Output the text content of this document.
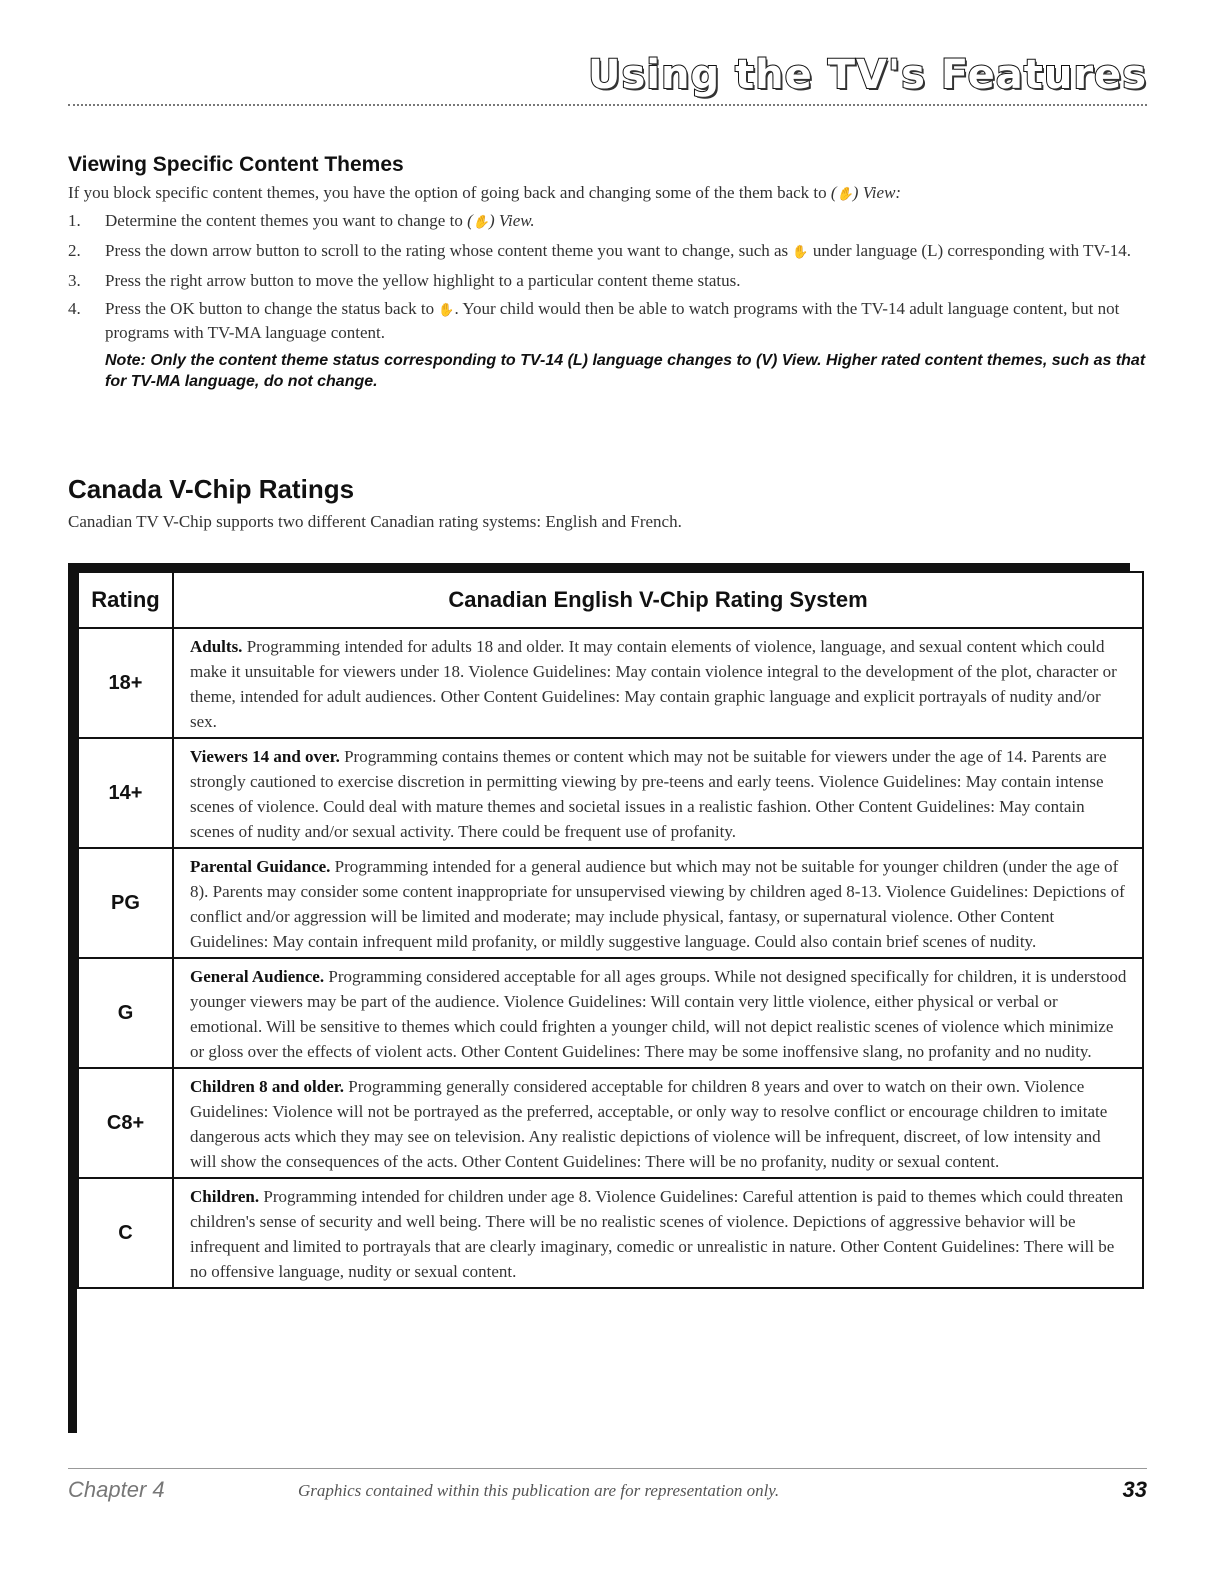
Using the TV's Features
Viewing Specific Content Themes

If you block specific content themes, you have the option of going back and changing some of the them back to (✋) View:

1. Determine the content themes you want to change to (✋) View.
2. Press the down arrow button to scroll to the rating whose content theme you want to change, such as ✋ under language (L) corresponding with TV-14.
3. Press the right arrow button to move the yellow highlight to a particular content theme status.
4. Press the OK button to change the status back to ✋. Your child would then be able to watch programs with the TV-14 adult language content, but not programs with TV-MA language content.
Note: Only the content theme status corresponding to TV-14 (L) language changes to (V) View. Higher rated content themes, such as that for TV-MA language, do not change.
Canada V-Chip Ratings

Canadian TV V-Chip supports two different Canadian rating systems: English and French.

Rating	Canadian English V-Chip Rating System
18+	Adults. Programming intended for adults 18 and older. It may contain elements of violence, language, and sexual content which could make it unsuitable for viewers under 18. Violence Guidelines: May contain violence integral to the development of the plot, character or theme, intended for adult audiences. Other Content Guidelines: May contain graphic language and explicit portrayals of nudity and/or sex.
14+	Viewers 14 and over. Programming contains themes or content which may not be suitable for viewers under the age of 14. Parents are strongly cautioned to exercise discretion in permitting viewing by pre-teens and early teens. Violence Guidelines: May contain intense scenes of violence. Could deal with mature themes and societal issues in a realistic fashion. Other Content Guidelines: May contain scenes of nudity and/or sexual activity. There could be frequent use of profanity.
PG	Parental Guidance. Programming intended for a general audience but which may not be suitable for younger children (under the age of 8). Parents may consider some content inappropriate for unsupervised viewing by children aged 8-13. Violence Guidelines: Depictions of conflict and/or aggression will be limited and moderate; may include physical, fantasy, or supernatural violence. Other Content Guidelines: May contain infrequent mild profanity, or mildly suggestive language. Could also contain brief scenes of nudity.
G	General Audience. Programming considered acceptable for all ages groups. While not designed specifically for children, it is understood younger viewers may be part of the audience. Violence Guidelines: Will contain very little violence, either physical or verbal or emotional. Will be sensitive to themes which could frighten a younger child, will not depict realistic scenes of violence which minimize or gloss over the effects of violent acts. Other Content Guidelines: There may be some inoffensive slang, no profanity and no nudity.
C8+	Children 8 and older. Programming generally considered acceptable for children 8 years and over to watch on their own. Violence Guidelines: Violence will not be portrayed as the preferred, acceptable, or only way to resolve conflict or encourage children to imitate dangerous acts which they may see on television. Any realistic depictions of violence will be infrequent, discreet, of low intensity and will show the consequences of the acts. Other Content Guidelines: There will be no profanity, nudity or sexual content.
C	Children. Programming intended for children under age 8. Violence Guidelines: Careful attention is paid to themes which could threaten children's sense of security and well being. There will be no realistic scenes of violence. Depictions of aggressive behavior will be infrequent and limited to portrayals that are clearly imaginary, comedic or unrealistic in nature. Other Content Guidelines: There will be no offensive language, nudity or sexual content.
Chapter 4	Graphics contained within this publication are for representation only.	33
